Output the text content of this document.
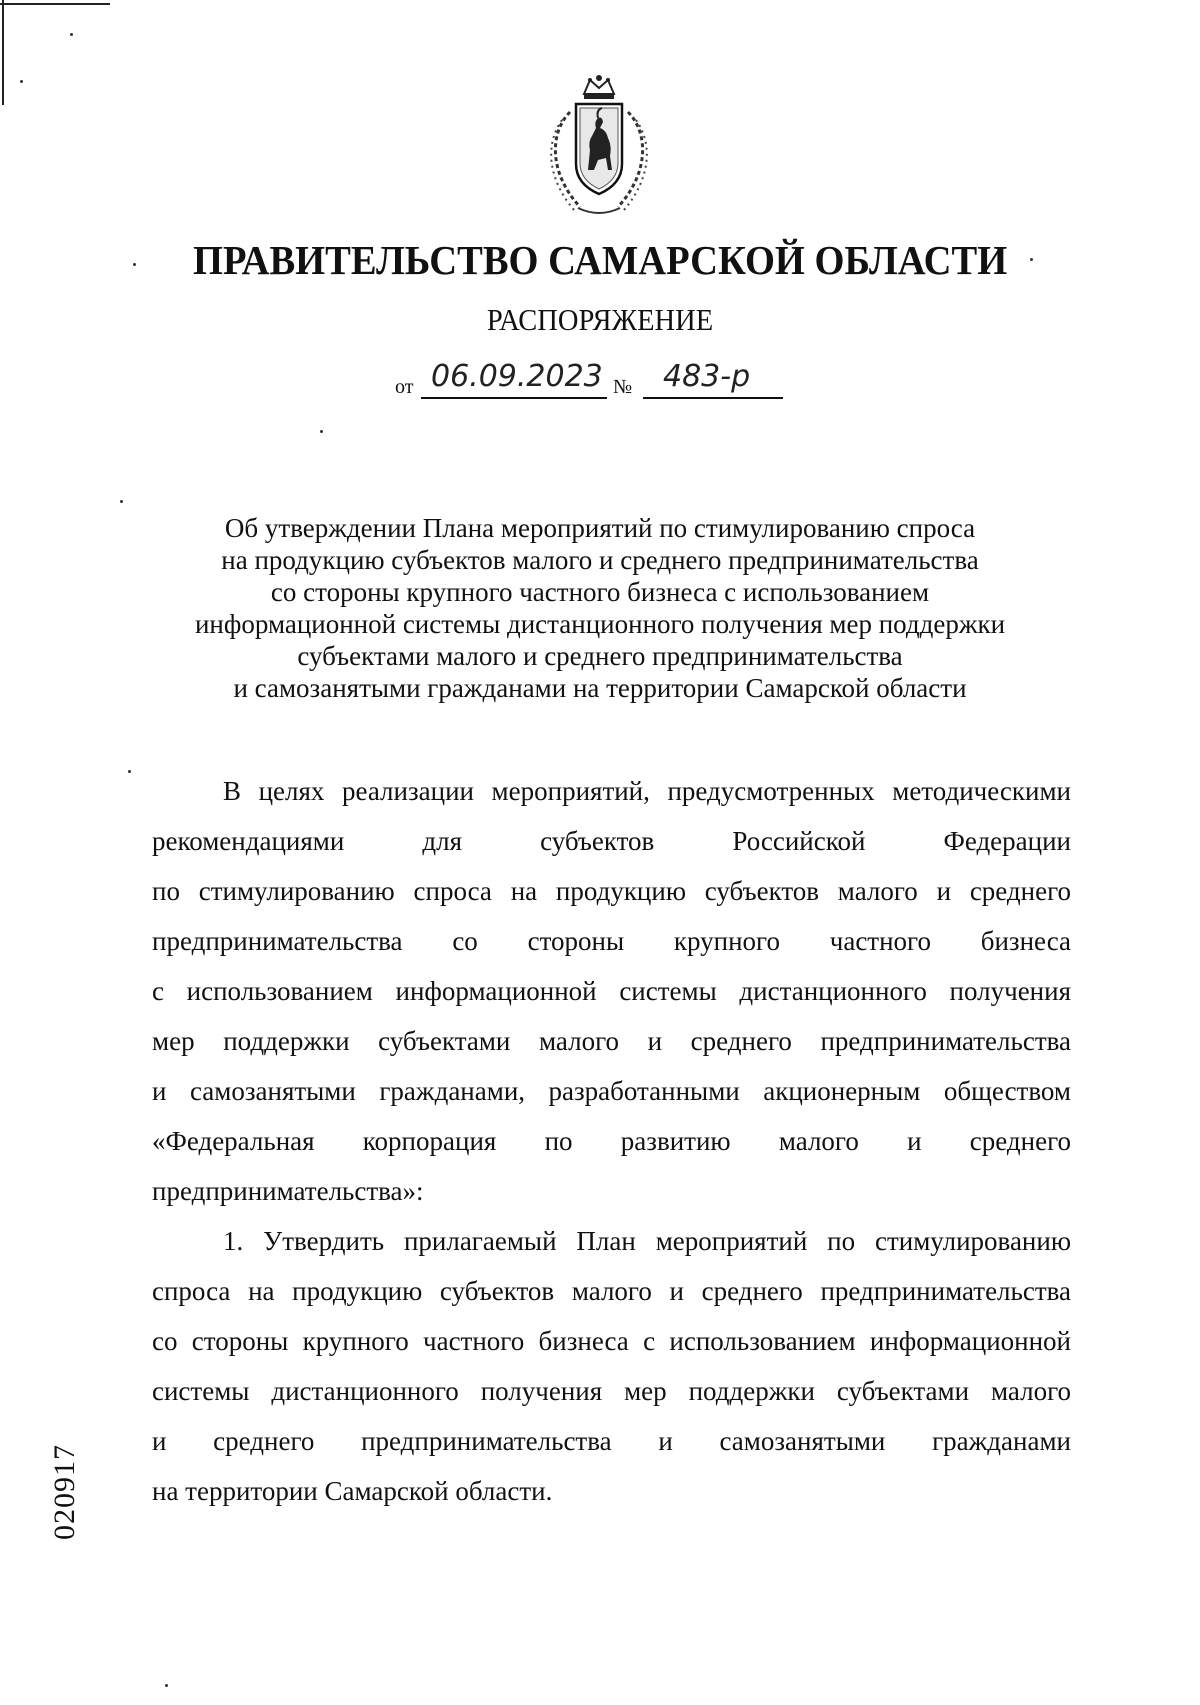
ПРАВИТЕЛЬСТВО САМАРСКОЙ ОБЛАСТИ
РАСПОРЯЖЕНИЕ
от 06.09.2023 № 483-р
Об утверждении Плана мероприятий по стимулированию спроса
на продукцию субъектов малого и среднего предпринимательства
со стороны крупного частного бизнеса с использованием
информационной системы дистанционного получения мер поддержки
субъектами малого и среднего предпринимательства
и самозанятыми гражданами на территории Самарской области
В целях реализации мероприятий, предусмотренных методическими
рекомендациями для субъектов Российской Федерации
по стимулированию спроса на продукцию субъектов малого и среднего
предпринимательства со стороны крупного частного бизнеса
с использованием информационной системы дистанционного получения
мер поддержки субъектами малого и среднего предпринимательства
и самозанятыми гражданами, разработанными акционерным обществом
«Федеральная корпорация по развитию малого и среднего
предпринимательства»:
1. Утвердить прилагаемый План мероприятий по стимулированию
спроса на продукцию субъектов малого и среднего предпринимательства
со стороны крупного частного бизнеса с использованием информационной
системы дистанционного получения мер поддержки субъектами малого
и среднего предпринимательства и самозанятыми гражданами
на территории Самарской области.
020917
